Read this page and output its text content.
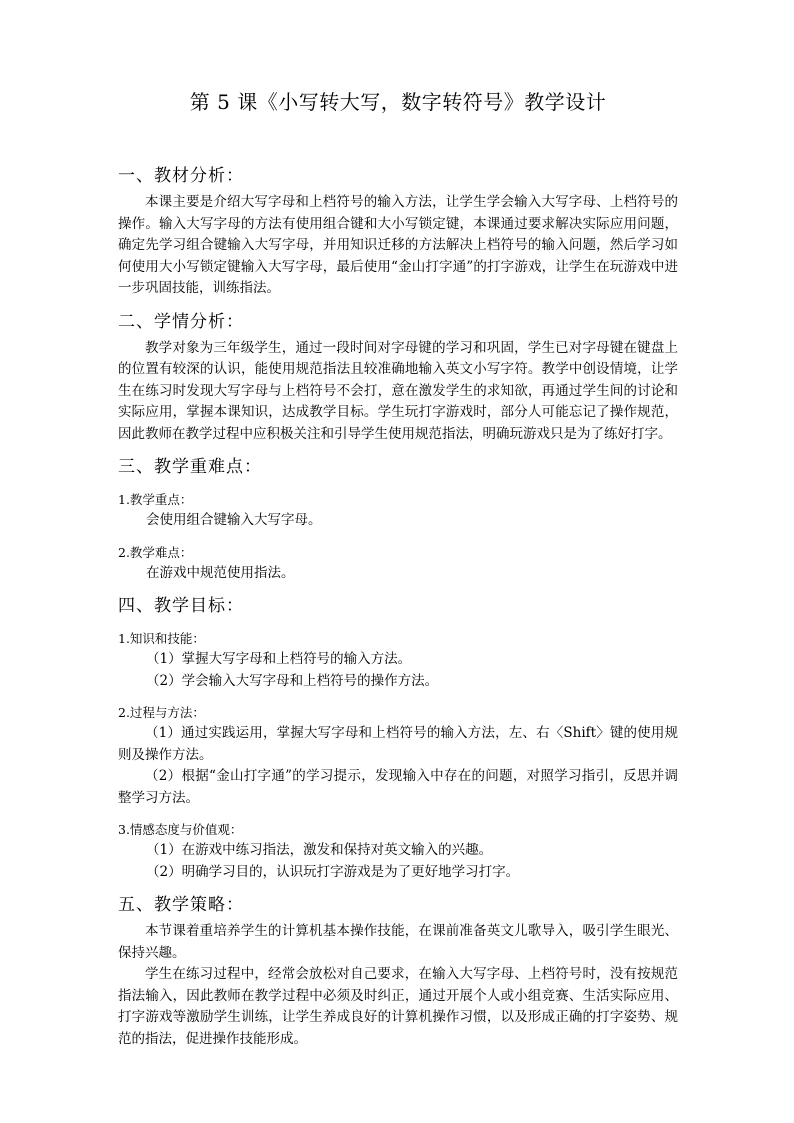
第 5 课《小写转大写，数字转符号》教学设计
一、教材分析：

本课主要是介绍大写字母和上档符号的输入方法，让学生学会输入大写字母、上档符号的操作。输入大写字母的方法有使用组合键和大小写锁定键，本课通过要求解决实际应用问题，确定先学习组合键输入大写字母，并用知识迁移的方法解决上档符号的输入问题，然后学习如何使用大小写锁定键输入大写字母，最后使用“金山打字通”的打字游戏，让学生在玩游戏中进一步巩固技能，训练指法。

二、学情分析：

教学对象为三年级学生，通过一段时间对字母键的学习和巩固，学生已对字母键在键盘上的位置有较深的认识，能使用规范指法且较准确地输入英文小写字符。教学中创设情境，让学生在练习时发现大写字母与上档符号不会打，意在激发学生的求知欲，再通过学生间的讨论和实际应用，掌握本课知识，达成教学目标。学生玩打字游戏时，部分人可能忘记了操作规范，因此教师在教学过程中应积极关注和引导学生使用规范指法，明确玩游戏只是为了练好打字。

三、教学重难点：
1.教学重点：
会使用组合键输入大写字母。
2.教学难点：
在游戏中规范使用指法。
四、教学目标：
1.知识和技能：
（1）掌握大写字母和上档符号的输入方法。
（2）学会输入大写字母和上档符号的操作方法。
2.过程与方法：

（1）通过实践运用，掌握大写字母和上档符号的输入方法，左、右〈Shift〉键的使用规则及操作方法。

（2）根据“金山打字通”的学习提示，发现输入中存在的问题，对照学习指引，反思并调整学习方法。

3.情感态度与价值观：
（1）在游戏中练习指法，激发和保持对英文输入的兴趣。
（2）明确学习目的，认识玩打字游戏是为了更好地学习打字。
五、教学策略：

本节课着重培养学生的计算机基本操作技能，在课前准备英文儿歌导入，吸引学生眼光、保持兴趣。

学生在练习过程中，经常会放松对自己要求，在输入大写字母、上档符号时，没有按规范指法输入，因此教师在教学过程中必须及时纠正，通过开展个人或小组竞赛、生活实际应用、打字游戏等激励学生训练，让学生养成良好的计算机操作习惯，以及形成正确的打字姿势、规范的指法，促进操作技能形成。
